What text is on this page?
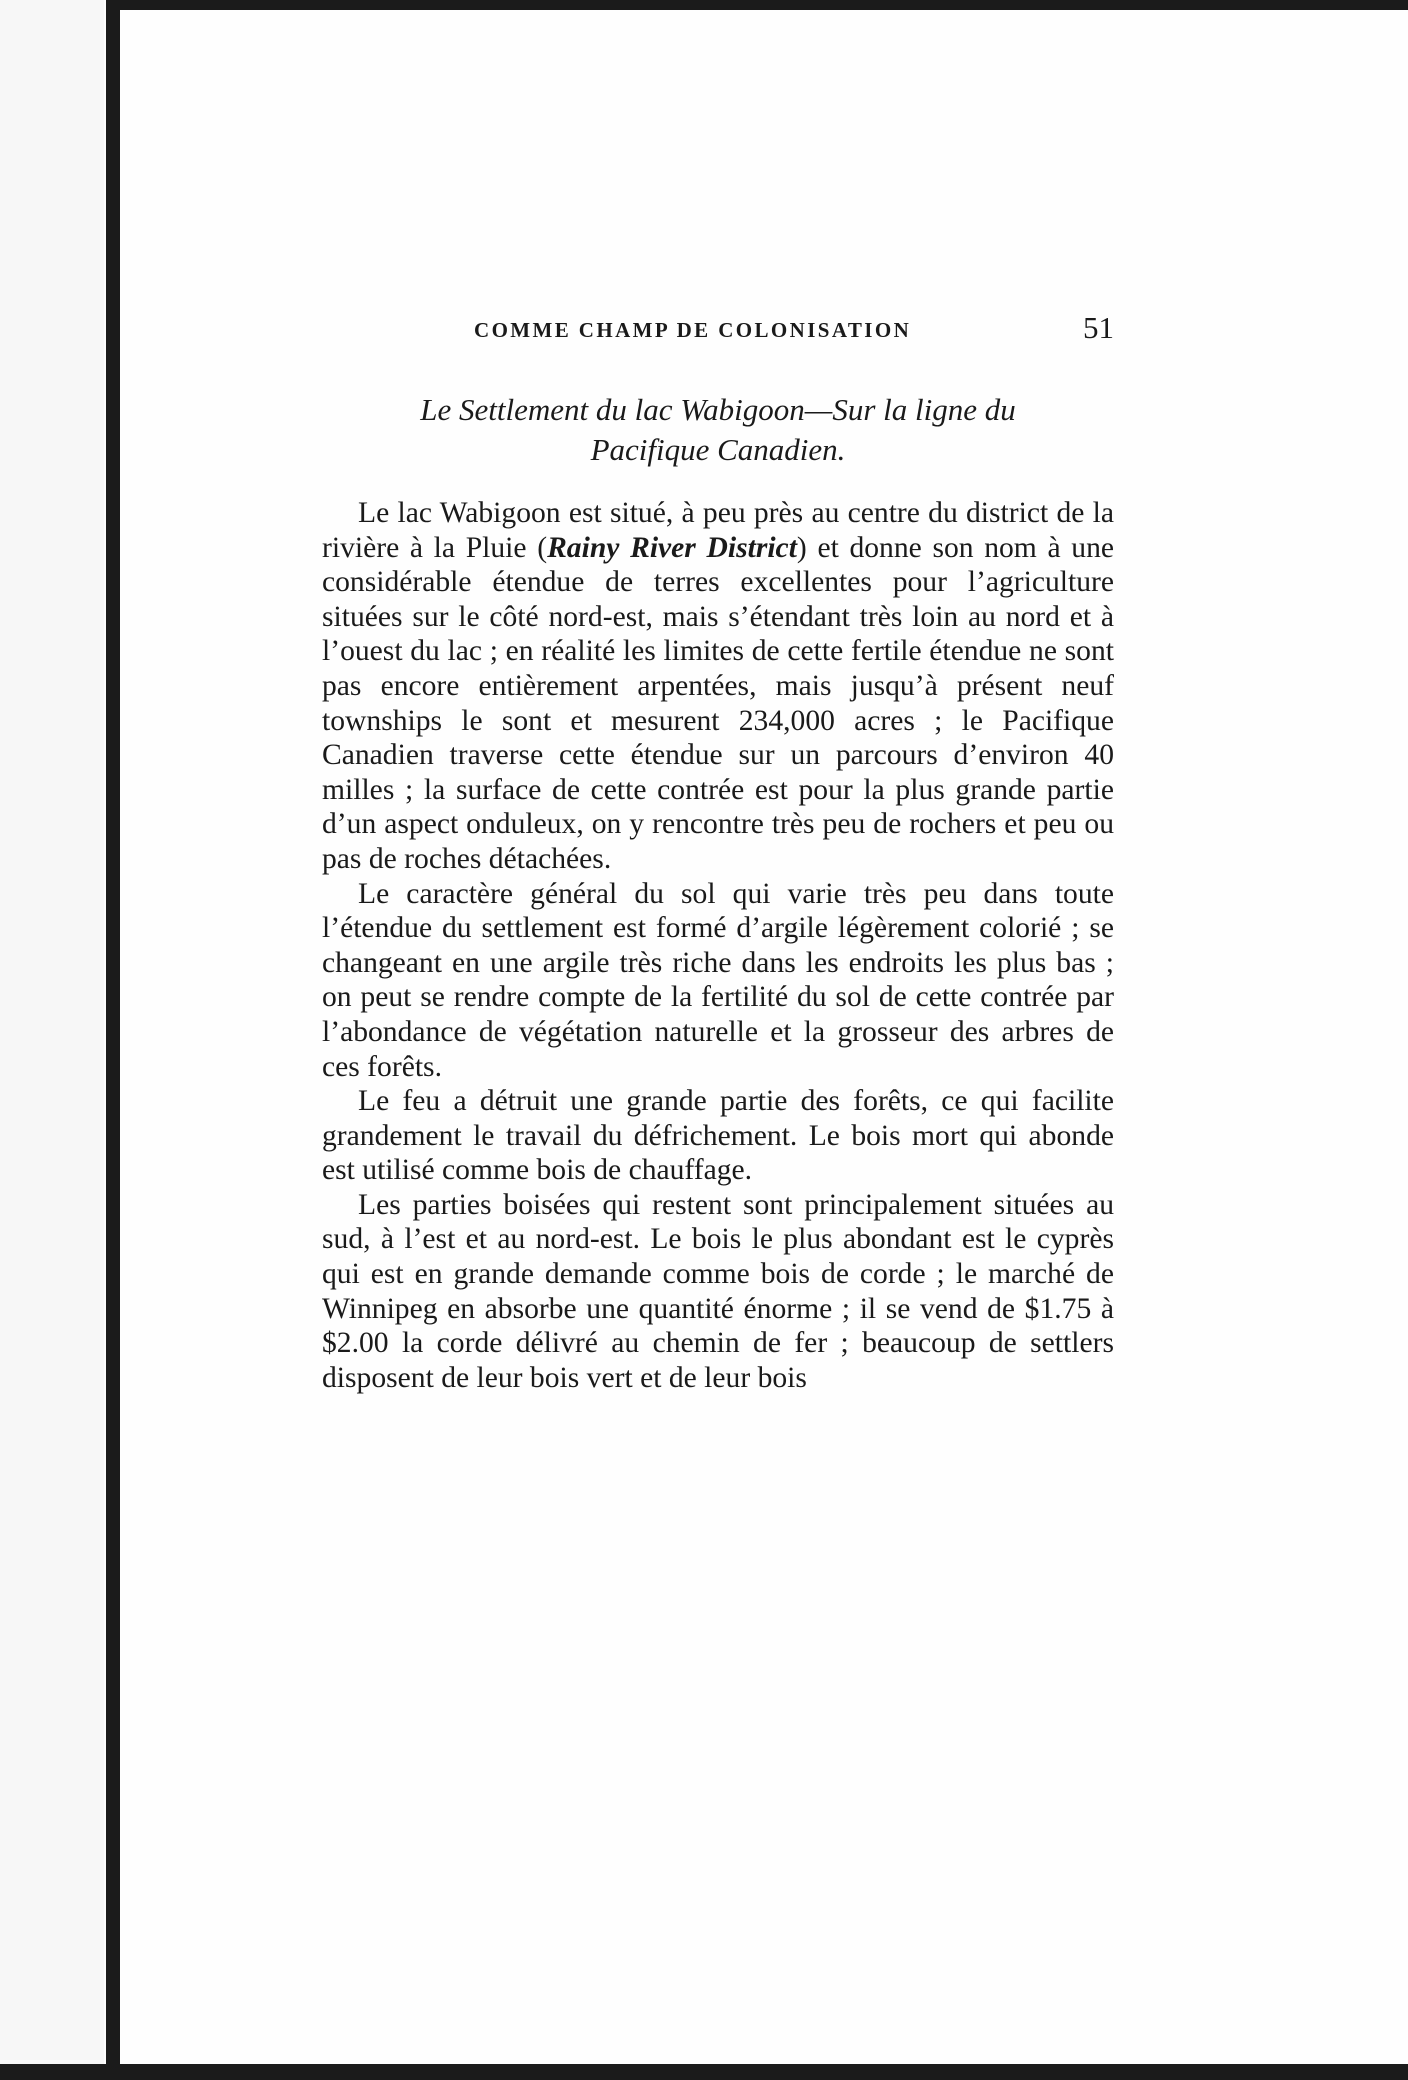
COMME CHAMP DE COLONISATION	51
Le Settlement du lac Wabigoon—Sur la ligne du
Pacifique Canadien.

Le lac Wabigoon est situé, à peu près au centre du district de la rivière à la Pluie (Rainy River District) et donne son nom à une considérable étendue de terres excellentes pour l’agriculture situées sur le côté nord-est, mais s’étendant très loin au nord et à l’ouest du lac ; en réalité les limites de cette fertile étendue ne sont pas encore entièrement arpentées, mais jusqu’à présent neuf townships le sont et mesurent 234,000 acres ; le Pacifique Canadien traverse cette étendue sur un parcours d’environ 40 milles ; la surface de cette contrée est pour la plus grande partie d’un aspect onduleux, on y rencontre très peu de rochers et peu ou pas de roches détachées.

Le caractère général du sol qui varie très peu dans toute l’étendue du settlement est formé d’argile légèrement colorié ; se changeant en une argile très riche dans les endroits les plus bas ; on peut se rendre compte de la fertilité du sol de cette contrée par l’abondance de végétation naturelle et la grosseur des arbres de ces forêts.

Le feu a détruit une grande partie des forêts, ce qui facilite grandement le travail du défrichement. Le bois mort qui abonde est utilisé comme bois de chauffage.

Les parties boisées qui restent sont principalement situées au sud, à l’est et au nord-est. Le bois le plus abondant est le cyprès qui est en grande demande comme bois de corde ; le marché de Winnipeg en absorbe une quantité énorme ; il se vend de $1.75 à $2.00 la corde délivré au chemin de fer ; beaucoup de settlers disposent de leur bois vert et de leur bois
